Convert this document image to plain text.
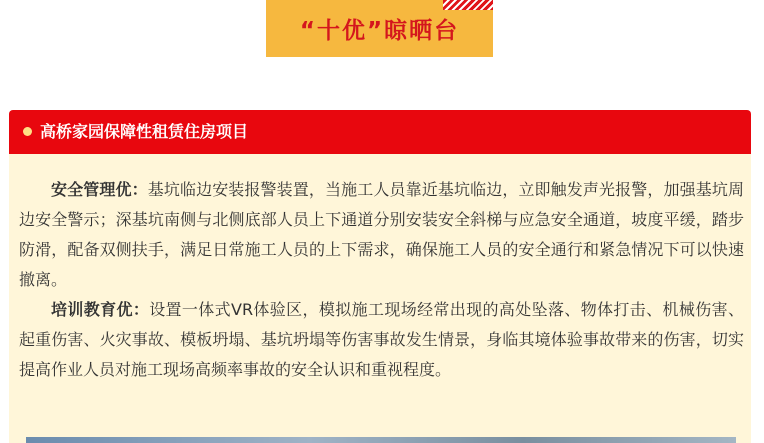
“十优”晾晒台
高桥家园保障性租赁住房项目

安全管理优：基坑临边安装报警装置，当施工人员靠近基坑临边，立即触发声光报警，加强基坑周边安全警示；深基坑南侧与北侧底部人员上下通道分别安装安全斜梯与应急安全通道，坡度平缓，踏步防滑，配备双侧扶手，满足日常施工人员的上下需求，确保施工人员的安全通行和紧急情况下可以快速撤离。

培训教育优：设置一体式VR体验区，模拟施工现场经常出现的高处坠落、物体打击、机械伤害、起重伤害、火灾事故、模板坍塌、基坑坍塌等伤害事故发生情景，身临其境体验事故带来的伤害，切实提高作业人员对施工现场高频率事故的安全认识和重视程度。
